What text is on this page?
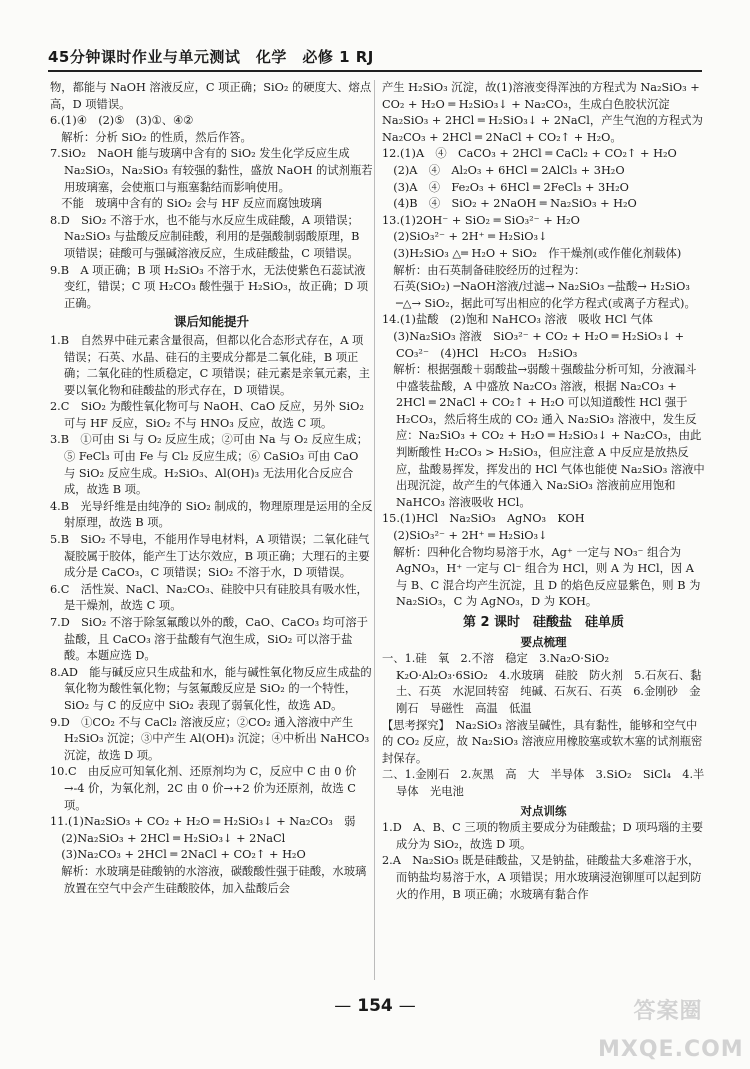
45分钟课时作业与单元测试　化学　必修 1 RJ
物，都能与 NaOH 溶液反应，C 项正确；SiO₂ 的硬度大、熔点高，D 项错误。
6.(1)④　(2)⑤　(3)①、④②
　解析：分析 SiO₂ 的性质，然后作答。
7.SiO₂　NaOH 能与玻璃中含有的 SiO₂ 发生化学反应生成 Na₂SiO₃，Na₂SiO₃ 有较强的黏性，盛放 NaOH 的试剂瓶若用玻璃塞，会使瓶口与瓶塞黏结而影响使用。
　不能　玻璃中含有的 SiO₂ 会与 HF 反应而腐蚀玻璃
8.D　SiO₂ 不溶于水，也不能与水反应生成硅酸，A 项错误；Na₂SiO₃ 与盐酸反应制硅酸，利用的是强酸制弱酸原理，B 项错误；硅酸可与强碱溶液反应，生成硅酸盐，C 项错误。
9.B　A 项正确；B 项 H₂SiO₃ 不溶于水，无法使紫色石蕊试液变红，错误；C 项 H₂CO₃ 酸性强于 H₂SiO₃，故正确；D 项正确。
课后知能提升
1.B　自然界中硅元素含量很高，但都以化合态形式存在，A 项错误；石英、水晶、硅石的主要成分都是二氧化硅，B 项正确；二氧化硅的性质稳定，C 项错误；硅元素是亲氧元素，主要以氧化物和硅酸盐的形式存在，D 项错误。
2.C　SiO₂ 为酸性氧化物可与 NaOH、CaO 反应，另外 SiO₂ 可与 HF 反应，SiO₂ 不与 HNO₃ 反应，故选 C 项。
3.B　①可由 Si 与 O₂ 反应生成；②可由 Na 与 O₂ 反应生成；⑤ FeCl₃ 可由 Fe 与 Cl₂ 反应生成；⑥ CaSiO₃ 可由 CaO 与 SiO₂ 反应生成。H₂SiO₃、Al(OH)₃ 无法用化合反应合成，故选 B 项。
4.B　光导纤维是由纯净的 SiO₂ 制成的，物理原理是运用的全反射原理，故选 B 项。
5.B　SiO₂ 不导电，不能用作导电材料，A 项错误；二氧化硅气凝胶属于胶体，能产生丁达尔效应，B 项正确；大理石的主要成分是 CaCO₃，C 项错误；SiO₂ 不溶于水，D 项错误。
6.C　活性炭、NaCl、Na₂CO₃、硅胶中只有硅胶具有吸水性，是干燥剂，故选 C 项。
7.D　SiO₂ 不溶于除氢氟酸以外的酸，CaO、CaCO₃ 均可溶于盐酸，且 CaCO₃ 溶于盐酸有气泡生成，SiO₂ 可以溶于盐酸。本题应选 D。
8.AD　能与碱反应只生成盐和水，能与碱性氧化物反应生成盐的氧化物为酸性氧化物；与氢氟酸反应是 SiO₂ 的一个特性，SiO₂ 与 C 的反应中 SiO₂ 表现了弱氧化性，故选 AD。
9.D　①CO₂ 不与 CaCl₂ 溶液反应；②CO₂ 通入溶液中产生 H₂SiO₃ 沉淀；③中产生 Al(OH)₃ 沉淀；④中析出 NaHCO₃ 沉淀，故选 D 项。
10.C　由反应可知氧化剂、还原剂均为 C，反应中 C 由 0 价→-4 价，为氧化剂，2C 由 0 价→+2 价为还原剂，故选 C 项。
11.(1)Na₂SiO₃ + CO₂ + H₂O ═ H₂SiO₃↓ + Na₂CO₃　弱
　(2)Na₂SiO₃ + 2HCl ═ H₂SiO₃↓ + 2NaCl
　(3)Na₂CO₃ + 2HCl ═ 2NaCl + CO₂↑ + H₂O
　解析：水玻璃是硅酸钠的水溶液，碳酸酸性强于硅酸，水玻璃放置在空气中会产生硅酸胶体，加入盐酸后会
产生 H₂SiO₃ 沉淀，故(1)溶液变得浑浊的方程式为 Na₂SiO₃ + CO₂ + H₂O ═ H₂SiO₃↓ + Na₂CO₃，生成白色胶状沉淀 Na₂SiO₃ + 2HCl ═ H₂SiO₃↓ + 2NaCl，产生气泡的方程式为 Na₂CO₃ + 2HCl ═ 2NaCl + CO₂↑ + H₂O。
12.(1)A　④　CaCO₃ + 2HCl ═ CaCl₂ + CO₂↑ + H₂O
　(2)A　④　Al₂O₃ + 6HCl ═ 2AlCl₃ + 3H₂O
　(3)A　④　Fe₂O₃ + 6HCl ═ 2FeCl₃ + 3H₂O
　(4)B　④　SiO₂ + 2NaOH ═ Na₂SiO₃ + H₂O
13.(1)2OH⁻ + SiO₂ ═ SiO₃²⁻ + H₂O
　(2)SiO₃²⁻ + 2H⁺ ═ H₂SiO₃↓
　(3)H₂SiO₃ △═ H₂O + SiO₂　作干燥剂(或作催化剂载体)
　解析：由石英制备硅胶经历的过程为：
　石英(SiO₂) ─NaOH溶液/过滤→ Na₂SiO₃ ─盐酸→ H₂SiO₃ ─△→ SiO₂，据此可写出相应的化学方程式(或离子方程式)。
14.(1)盐酸　(2)饱和 NaHCO₃ 溶液　吸收 HCl 气体
　(3)Na₂SiO₃ 溶液　SiO₃²⁻ + CO₂ + H₂O ═ H₂SiO₃↓ + CO₃²⁻　(4)HCl　H₂CO₃　H₂SiO₃
　解析：根据强酸＋弱酸盐→弱酸＋强酸盐分析可知，分液漏斗中盛装盐酸，A 中盛放 Na₂CO₃ 溶液，根据 Na₂CO₃ + 2HCl ═ 2NaCl + CO₂↑ + H₂O 可以知道酸性 HCl 强于 H₂CO₃，然后将生成的 CO₂ 通入 Na₂SiO₃ 溶液中，发生反应：Na₂SiO₃ + CO₂ + H₂O ═ H₂SiO₃↓ + Na₂CO₃，由此判断酸性 H₂CO₃ > H₂SiO₃，但应注意 A 中反应是放热反应，盐酸易挥发，挥发出的 HCl 气体也能使 Na₂SiO₃ 溶液中出现沉淀，故产生的气体通入 Na₂SiO₃ 溶液前应用饱和 NaHCO₃ 溶液吸收 HCl。
15.(1)HCl　Na₂SiO₃　AgNO₃　KOH
　(2)SiO₃²⁻ + 2H⁺ ═ H₂SiO₃↓
　解析：四种化合物均易溶于水，Ag⁺ 一定与 NO₃⁻ 组合为 AgNO₃，H⁺ 一定与 Cl⁻ 组合为 HCl，则 A 为 HCl，因 A 与 B、C 混合均产生沉淀，且 D 的焰色反应显紫色，则 B 为 Na₂SiO₃，C 为 AgNO₃，D 为 KOH。
第 2 课时　硅酸盐　硅单质
要点梳理
一、1.硅　氧　2.不溶　稳定　3.Na₂O·SiO₂　K₂O·Al₂O₃·6SiO₂　4.水玻璃　硅胶　防火剂　5.石灰石、黏土、石英　水泥回转窑　纯碱、石灰石、石英　6.金刚砂　金刚石　导磁性　高温　低温
【思考探究】　Na₂SiO₃ 溶液呈碱性，具有黏性，能够和空气中的 CO₂ 反应，故 Na₂SiO₃ 溶液应用橡胶塞或软木塞的试剂瓶密封保存。
二、1.金刚石　2.灰黑　高　大　半导体　3.SiO₂　SiCl₄　4.半导体　光电池
对点训练
1.D　A、B、C 三项的物质主要成分为硅酸盐；D 项玛瑙的主要成分为 SiO₂，故选 D 项。
2.A　Na₂SiO₃ 既是硅酸盐，又是钠盐，硅酸盐大多难溶于水，而钠盐均易溶于水，A 项错误；用水玻璃浸泡铆厘可以起到防火的作用，B 项正确；水玻璃有黏合作
— 154 —	答案圈 MXQE.COM
